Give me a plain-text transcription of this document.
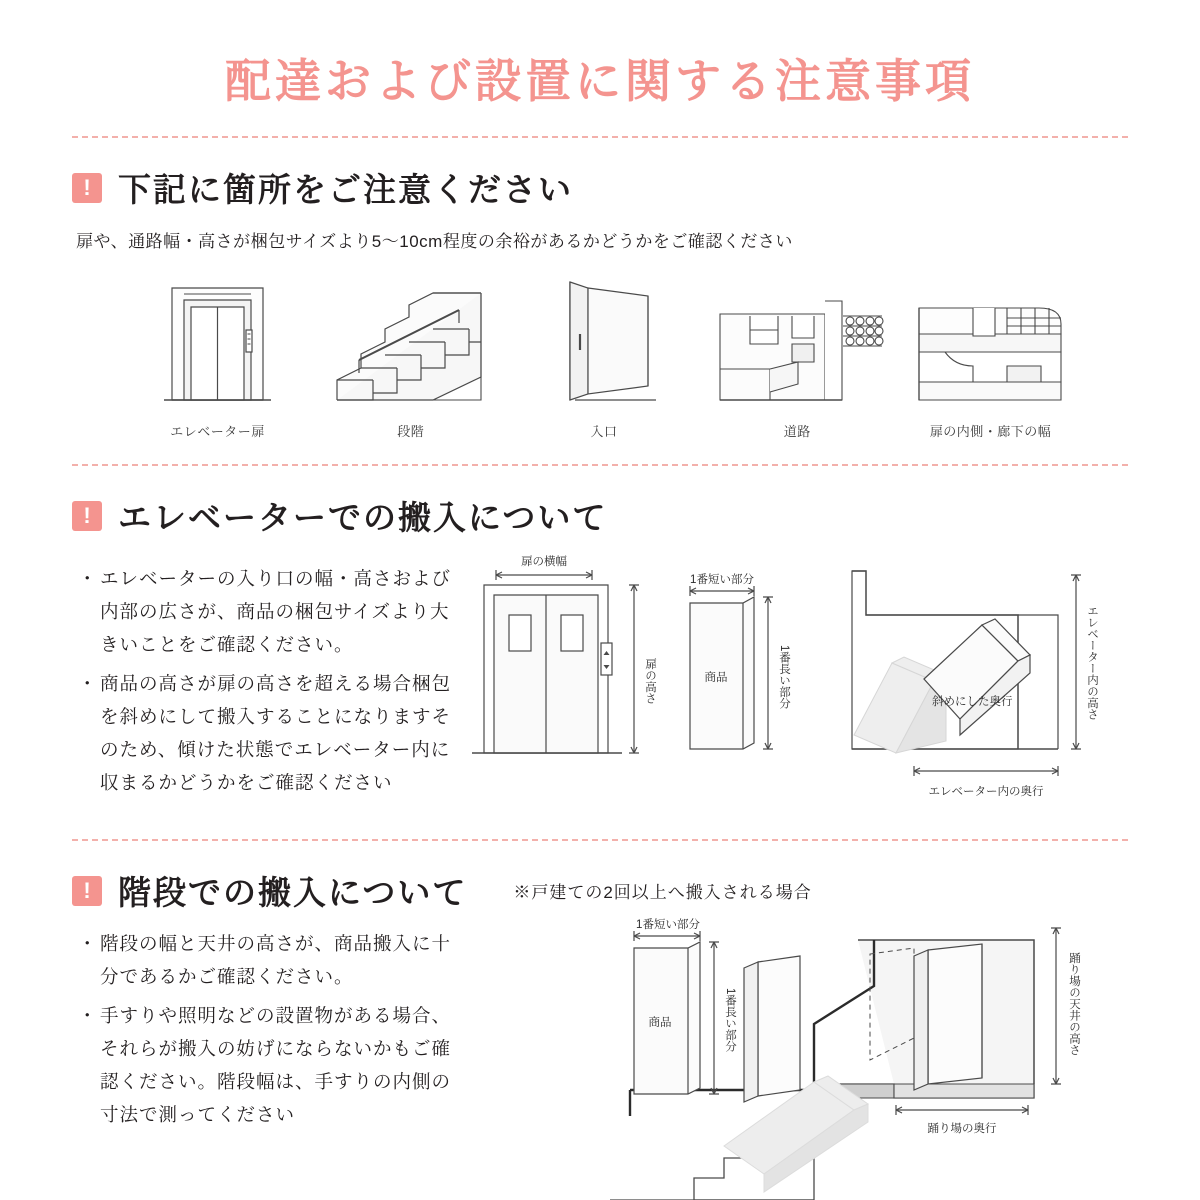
配達および設置に関する注意事項
! 下記に箇所をご注意ください
扉や、通路幅・高さが梱包サイズより5〜10cm程度の余裕があるかどうかをご確認ください
エレベーター扉	段階	入口	道路	扉の内側・廊下の幅
! エレベーターでの搬入について
・ エレベーターの入り口の幅・高さおよび内部の広さが、商品の梱包サイズより大きいことをご確認ください。
・ 商品の高さが扉の高さを超える場合梱包を斜めにして搬入することになりますそのため、傾けた状態でエレベーター内に収まるかどうかをご確認ください
扉の横幅
扉の高さ
1番短い部分
商品	1番長い部分	斜めにした奥行	エレベーター内の高さ
エレベーター内の奥行
! 階段での搬入について	※戸建ての2回以上へ搬入される場合
・ 階段の幅と天井の高さが、商品搬入に十分であるかご確認ください。
・ 手すりや照明などの設置物がある場合、それらが搬入の妨げにならないかもご確認ください。階段幅は、手すりの内側の寸法で測ってください
1番短い部分
商品	1番長い部分	踊り場の天井の高さ
踊り場の奥行
